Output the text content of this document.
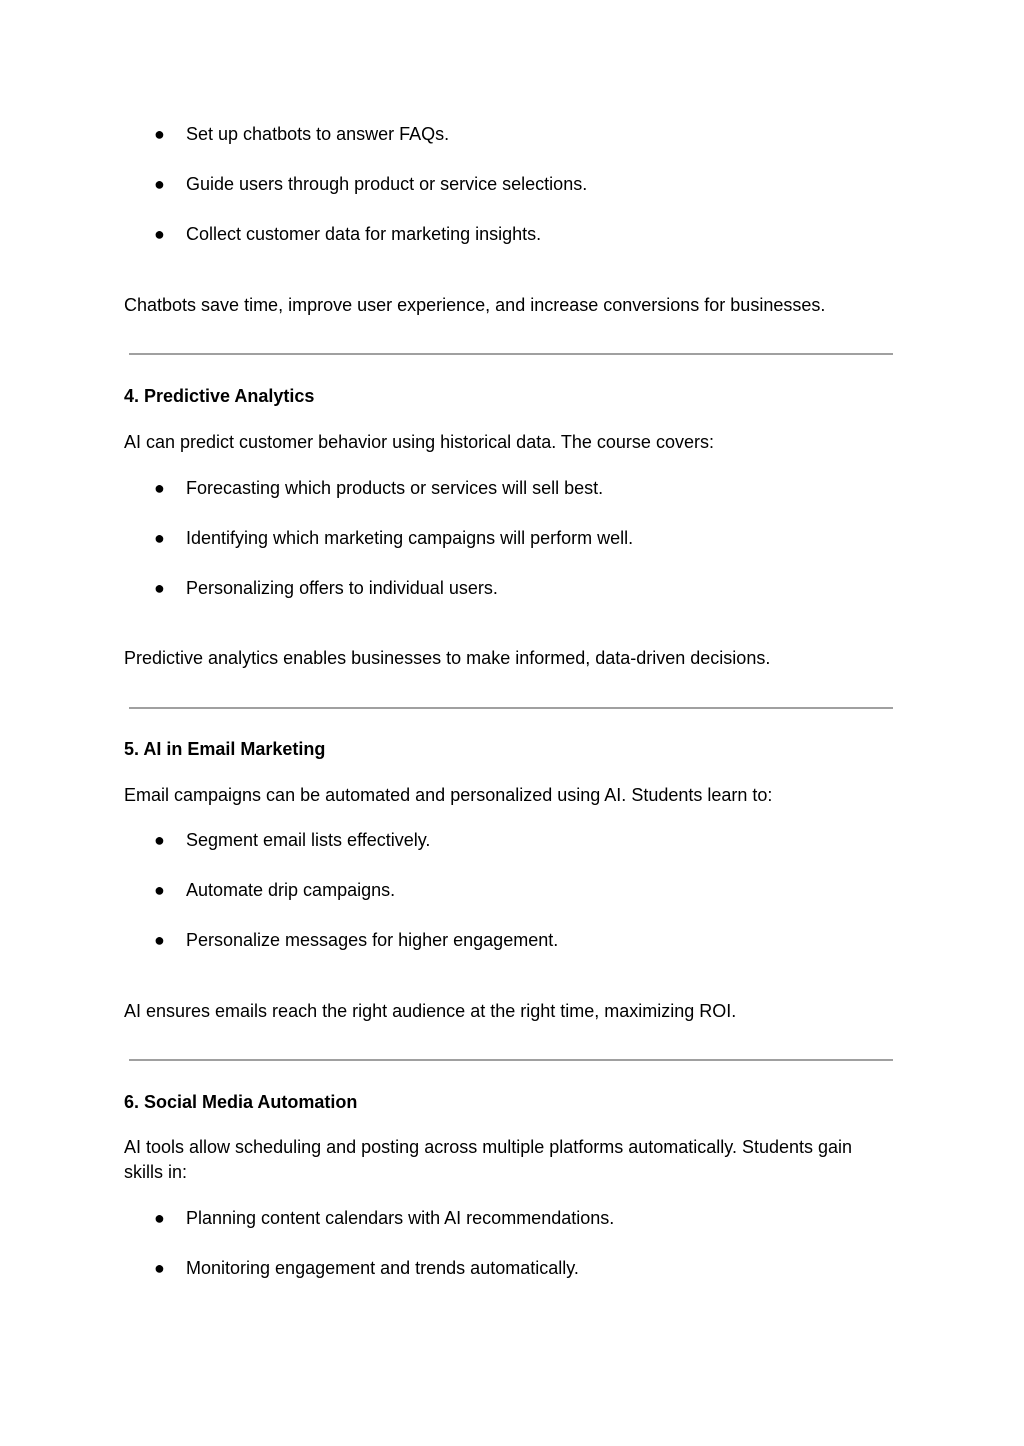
● Set up chatbots to answer FAQs.
● Guide users through product or service selections.
● Collect customer data for marketing insights.
Chatbots save time, improve user experience, and increase conversions for businesses.
4. Predictive Analytics
AI can predict customer behavior using historical data. The course covers:
● Forecasting which products or services will sell best.
● Identifying which marketing campaigns will perform well.
● Personalizing offers to individual users.
Predictive analytics enables businesses to make informed, data-driven decisions.
5. AI in Email Marketing
Email campaigns can be automated and personalized using AI. Students learn to:
● Segment email lists effectively.
● Automate drip campaigns.
● Personalize messages for higher engagement.
AI ensures emails reach the right audience at the right time, maximizing ROI.
6. Social Media Automation
AI tools allow scheduling and posting across multiple platforms automatically. Students gain
skills in:
● Planning content calendars with AI recommendations.
● Monitoring engagement and trends automatically.
